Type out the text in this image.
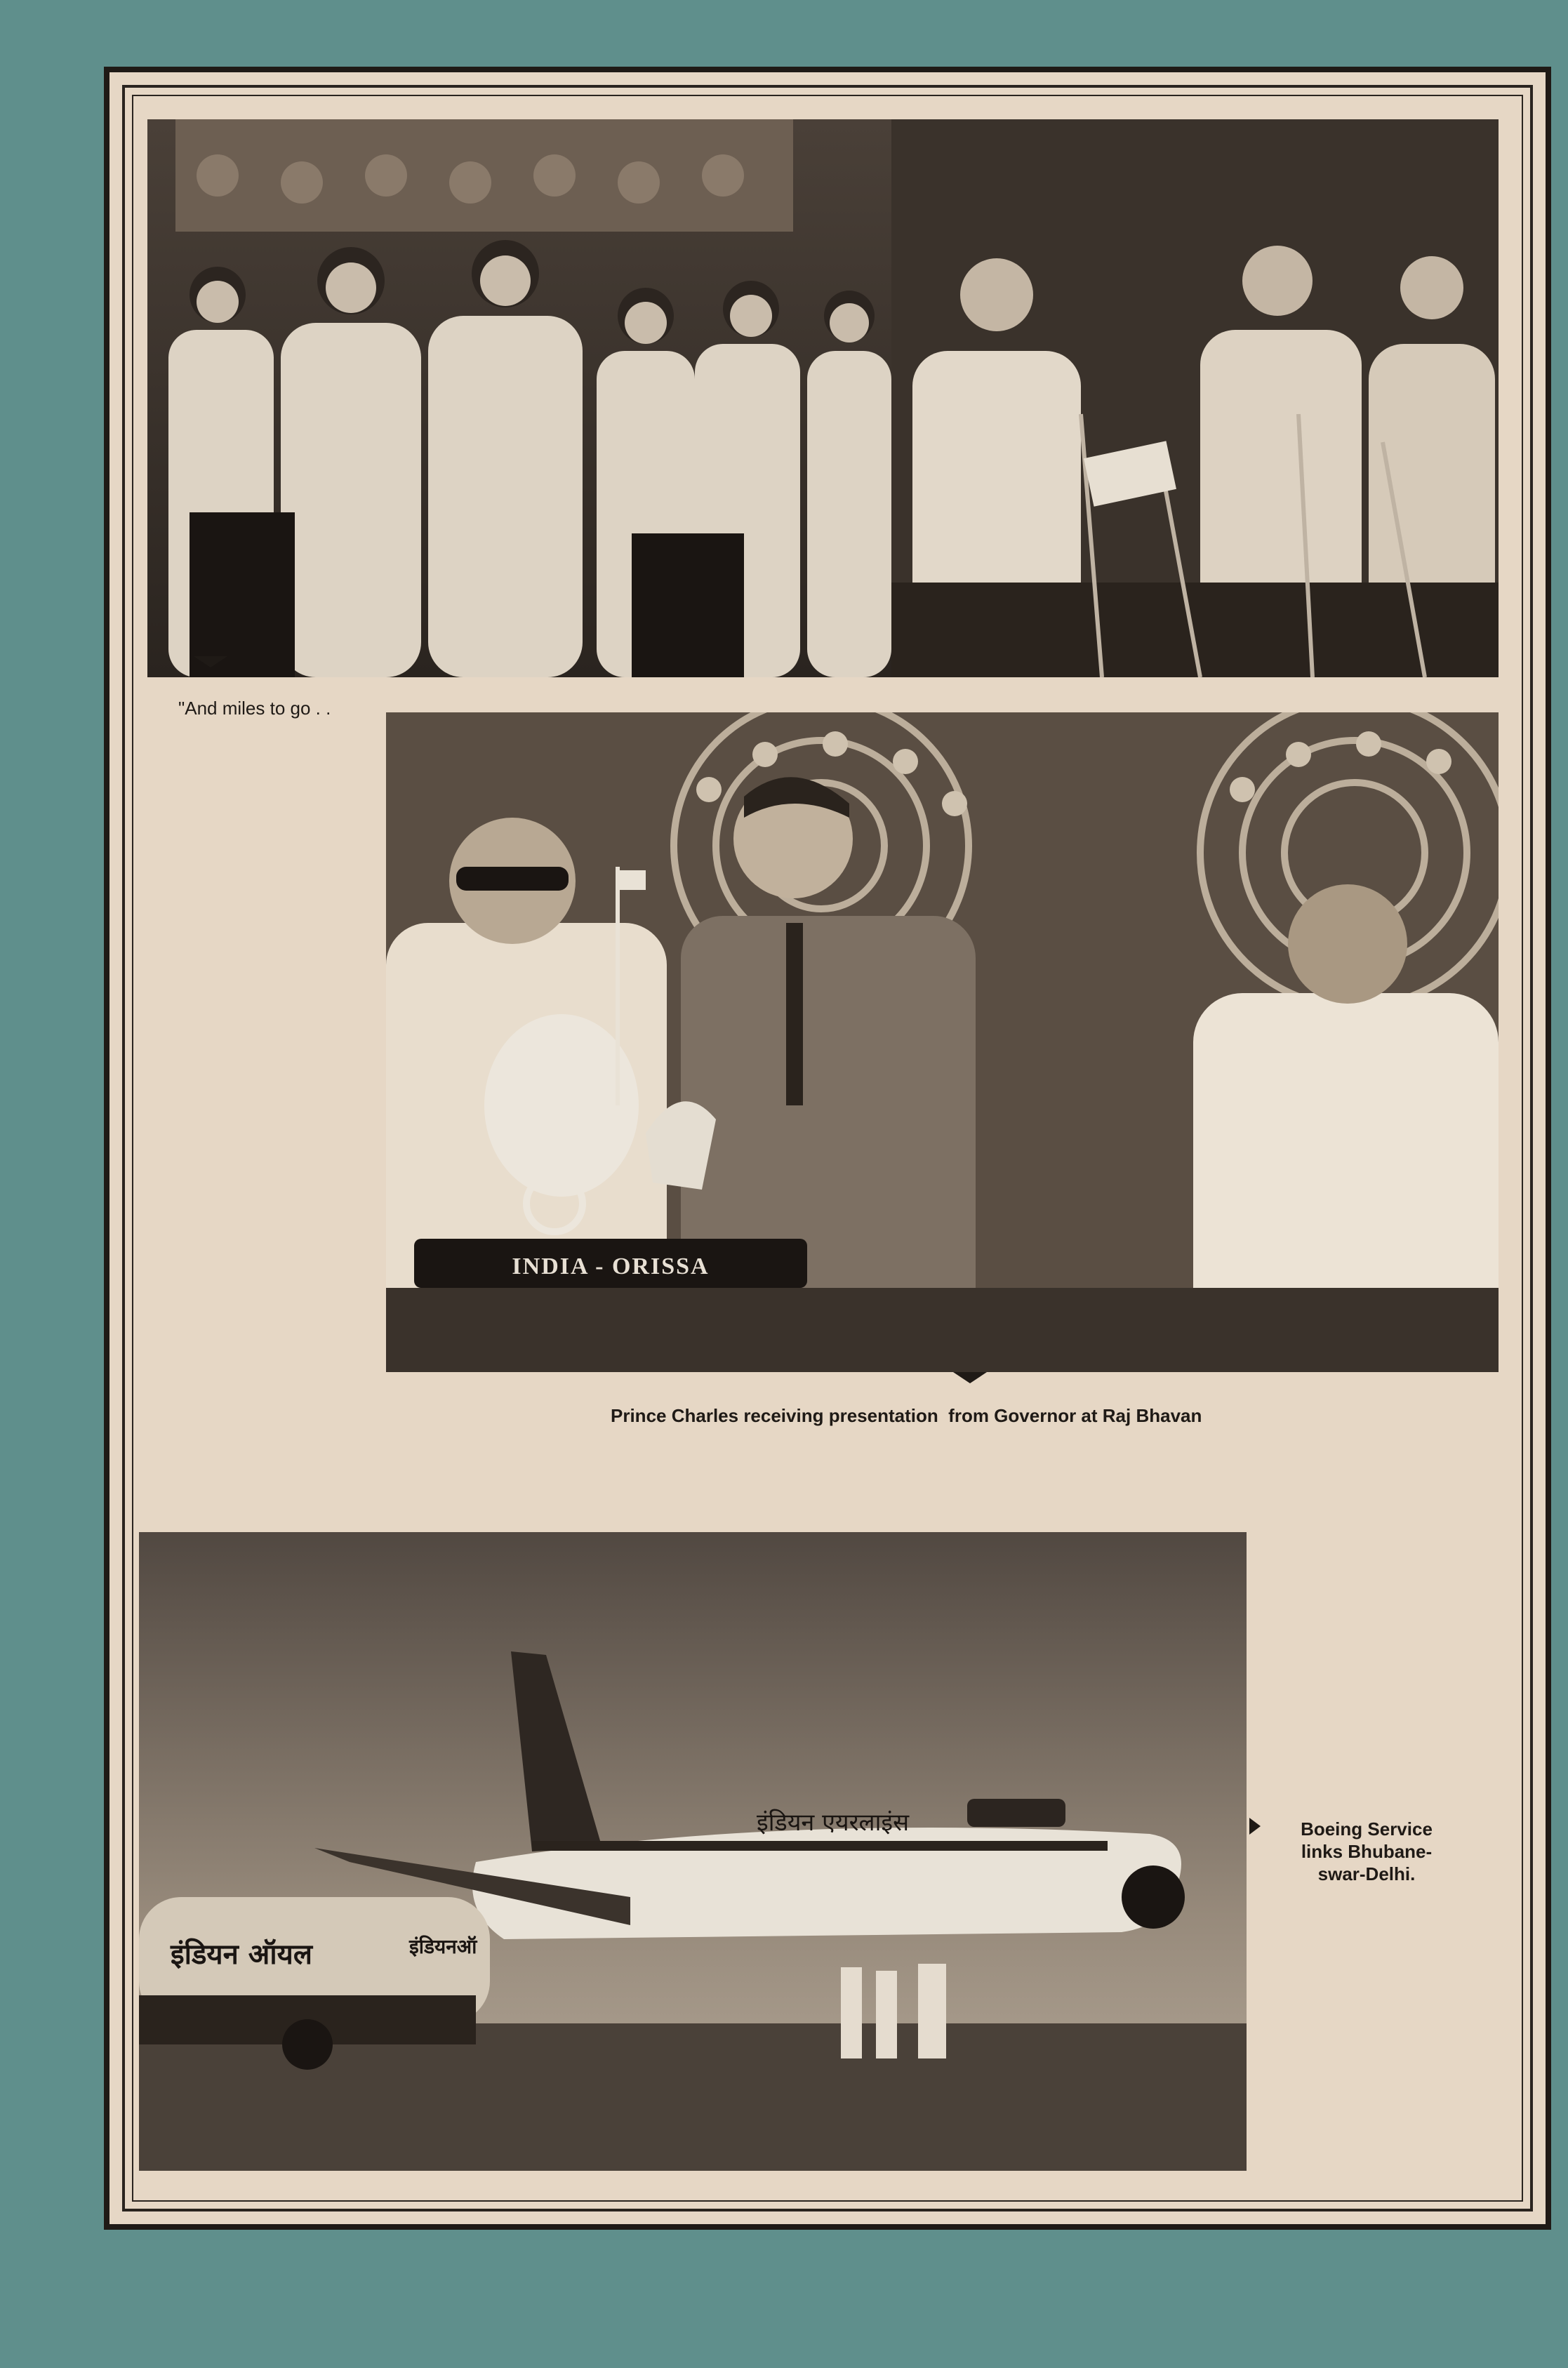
"And miles to go . .
INDIA - ORISSA
Prince Charles receiving presentation  from Governor at Raj Bhavan
इंडियन एयरलाइंस
इंडियन ऑयल	इंडियनऑ
Boeing Service
links Bhubane-
swar-Delhi.
